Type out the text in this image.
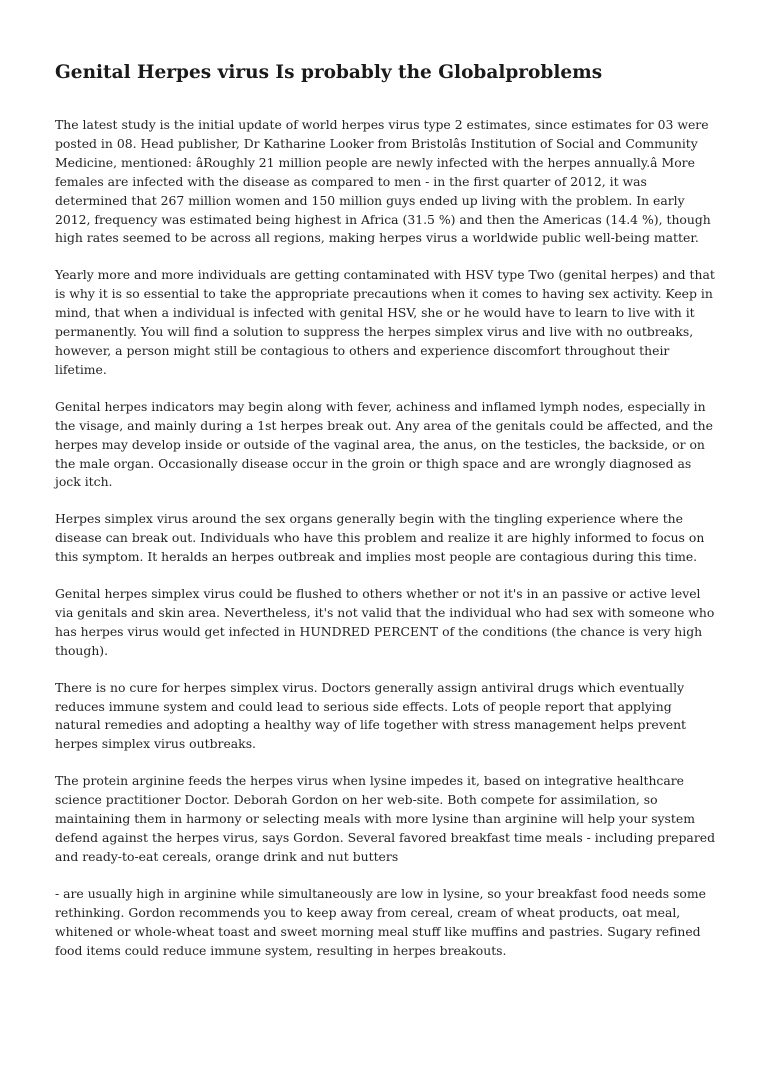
Genital Herpes virus Is probably the Globalproblems

The latest study is the initial update of world herpes virus type 2 estimates, since estimates for 03 were posted in 08. Head publisher, Dr Katharine Looker from Bristolâs Institution of Social and Community Medicine, mentioned: âRoughly 21 million people are newly infected with the herpes annually.â More females are infected with the disease as compared to men - in the first quarter of 2012, it was determined that 267 million women and 150 million guys ended up living with the problem. In early 2012, frequency was estimated being highest in Africa (31.5 %) and then the Americas (14.4 %), though high rates seemed to be across all regions, making herpes virus a worldwide public well-being matter.

Yearly more and more individuals are getting contaminated with HSV type Two (genital herpes) and that is why it is so essential to take the appropriate precautions when it comes to having sex activity. Keep in mind, that when a individual is infected with genital HSV, she or he would have to learn to live with it permanently. You will find a solution to suppress the herpes simplex virus and live with no outbreaks, however, a person might still be contagious to others and experience discomfort throughout their lifetime.

Genital herpes indicators may begin along with fever, achiness and inflamed lymph nodes, especially in the visage, and mainly during a 1st herpes break out. Any area of the genitals could be affected, and the herpes may develop inside or outside of the vaginal area, the anus, on the testicles, the backside, or on the male organ. Occasionally disease occur in the groin or thigh space and are wrongly diagnosed as jock itch.

Herpes simplex virus around the sex organs generally begin with the tingling experience where the disease can break out. Individuals who have this problem and realize it are highly informed to focus on this symptom. It heralds an herpes outbreak and implies most people are contagious during this time.

Genital herpes simplex virus could be flushed to others whether or not it's in an passive or active level via genitals and skin area. Nevertheless, it's not valid that the individual who had sex with someone who has herpes virus would get infected in HUNDRED PERCENT of the conditions (the chance is very high though).

There is no cure for herpes simplex virus. Doctors generally assign antiviral drugs which eventually reduces immune system and could lead to serious side effects. Lots of people report that applying natural remedies and adopting a healthy way of life together with stress management helps prevent herpes simplex virus outbreaks.

The protein arginine feeds the herpes virus when lysine impedes it, based on integrative healthcare science practitioner Doctor. Deborah Gordon on her web-site. Both compete for assimilation, so maintaining them in harmony or selecting meals with more lysine than arginine will help your system defend against the herpes virus, says Gordon. Several favored breakfast time meals - including prepared and ready-to-eat cereals, orange drink and nut butters

- are usually high in arginine while simultaneously are low in lysine, so your breakfast food needs some rethinking. Gordon recommends you to keep away from cereal, cream of wheat products, oat meal, whitened or whole-wheat toast and sweet morning meal stuff like muffins and pastries. Sugary refined food items could reduce immune system, resulting in herpes breakouts.
